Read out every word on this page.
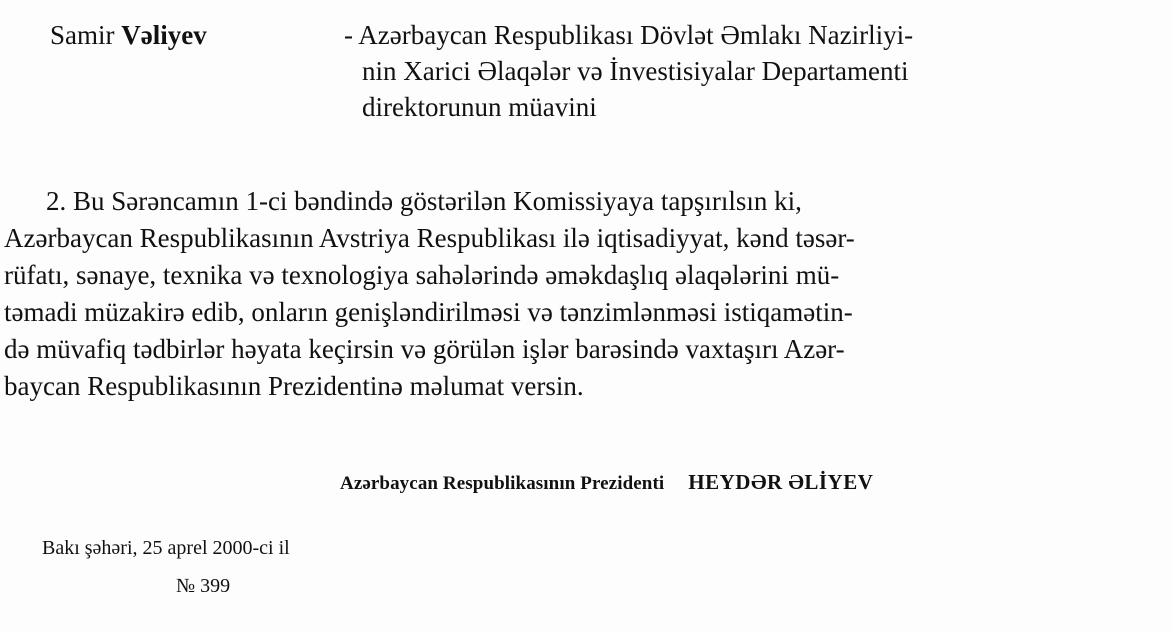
Samir Vəliyev	- Azərbaycan Respublikası Dövlət Əmlakı Nazirliyi-
nin Xarici Əlaqələr və İnvestisiyalar Departamenti
direktorunun müavini
2. Bu Sərəncamın 1-ci bəndində göstərilən Komissiyaya tapşırılsın ki,
Azərbaycan Respublikasının Avstriya Respublikası ilə iqtisadiyyat, kənd təsər-
rüfatı, sənaye, texnika və texnologiya sahələrində əməkdaşlıq əlaqələrini mü-
təmadi müzakirə edib, onların genişləndirilməsi və tənzimlənməsi istiqamətin-
də müvafiq tədbirlər həyata keçirsin və görülən işlər barəsində vaxtaşırı Azər-
baycan Respublikasının Prezidentinə məlumat versin.
Azərbaycan Respublikasının Prezidenti HEYDƏR ƏLİYEV
Bakı şəhəri, 25 aprel 2000-ci il
№ 399
